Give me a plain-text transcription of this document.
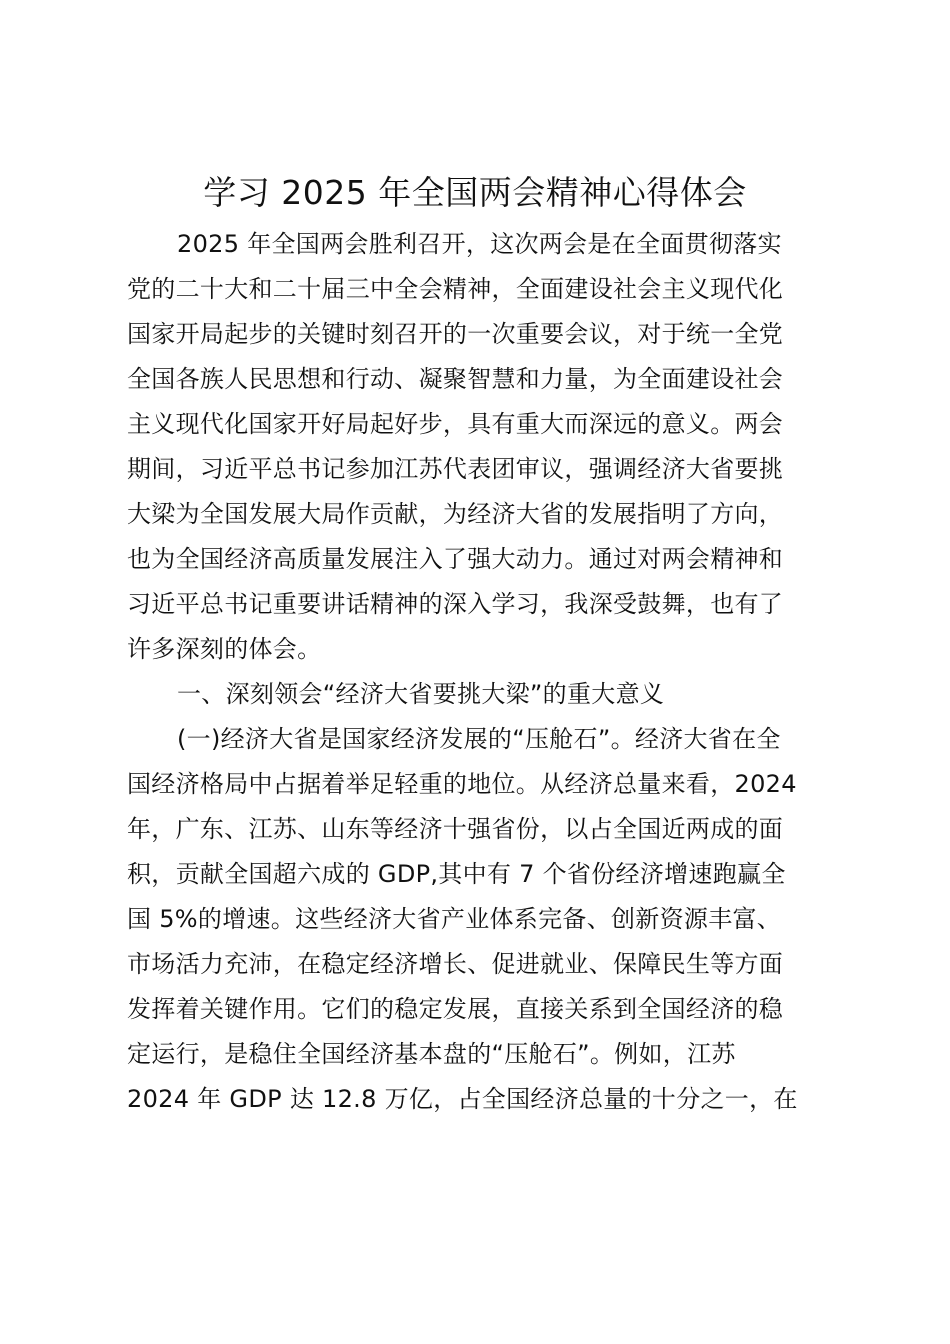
学习 2025 年全国两会精神心得体会
2025 年全国两会胜利召开，这次两会是在全面贯彻落实
党的二十大和二十届三中全会精神，全面建设社会主义现代化
国家开局起步的关键时刻召开的一次重要会议，对于统一全党
全国各族人民思想和行动、凝聚智慧和力量，为全面建设社会
主义现代化国家开好局起好步，具有重大而深远的意义。两会
期间，习近平总书记参加江苏代表团审议，强调经济大省要挑
大梁为全国发展大局作贡献，为经济大省的发展指明了方向，
也为全国经济高质量发展注入了强大动力。通过对两会精神和
习近平总书记重要讲话精神的深入学习，我深受鼓舞，也有了
许多深刻的体会。
一、深刻领会“经济大省要挑大梁”的重大意义
(一)经济大省是国家经济发展的“压舱石”。经济大省在全
国经济格局中占据着举足轻重的地位。从经济总量来看，2024
年，广东、江苏、山东等经济十强省份，以占全国近两成的面
积，贡献全国超六成的 GDP,其中有 7 个省份经济增速跑赢全
国 5%的增速。这些经济大省产业体系完备、创新资源丰富、
市场活力充沛，在稳定经济增长、促进就业、保障民生等方面
发挥着关键作用。它们的稳定发展，直接关系到全国经济的稳
定运行，是稳住全国经济基本盘的“压舱石”。例如，江苏
2024 年 GDP 达 12.8 万亿，占全国经济总量的十分之一，在
